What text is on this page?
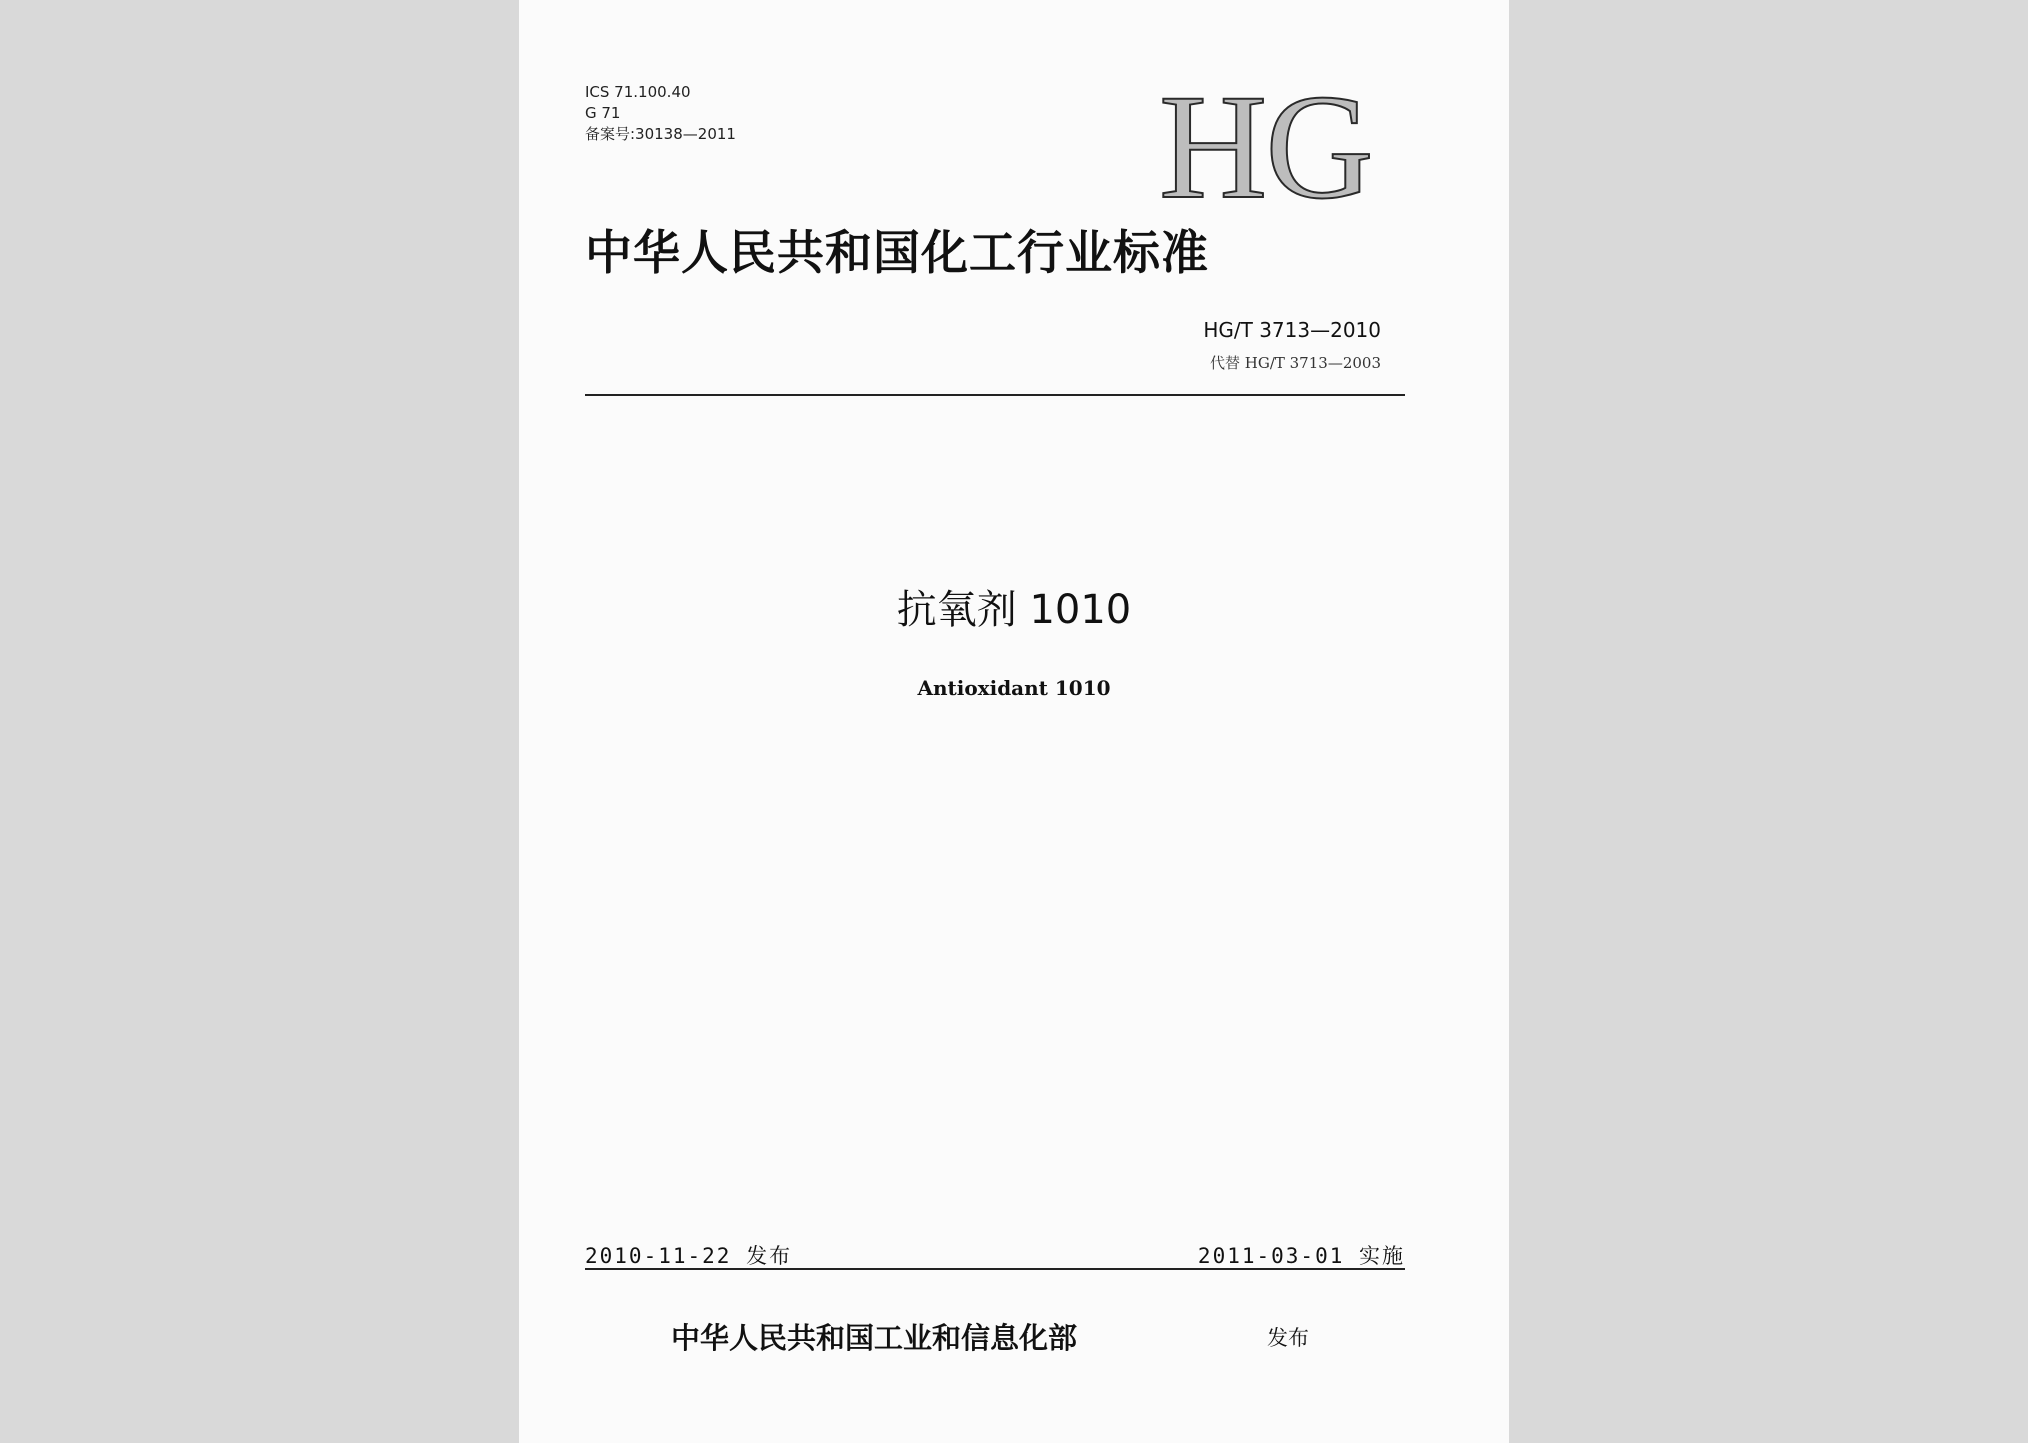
ICS 71.100.40
G 71
备案号:30138—2011	HG
中华人民共和国化工行业标准
HG/T 3713—2010
代替 HG/T 3713—2003
抗氧剂 1010
Antioxidant 1010
2010-11-22 发布	2011-03-01 实施
中华人民共和国工业和信息化部	发布
